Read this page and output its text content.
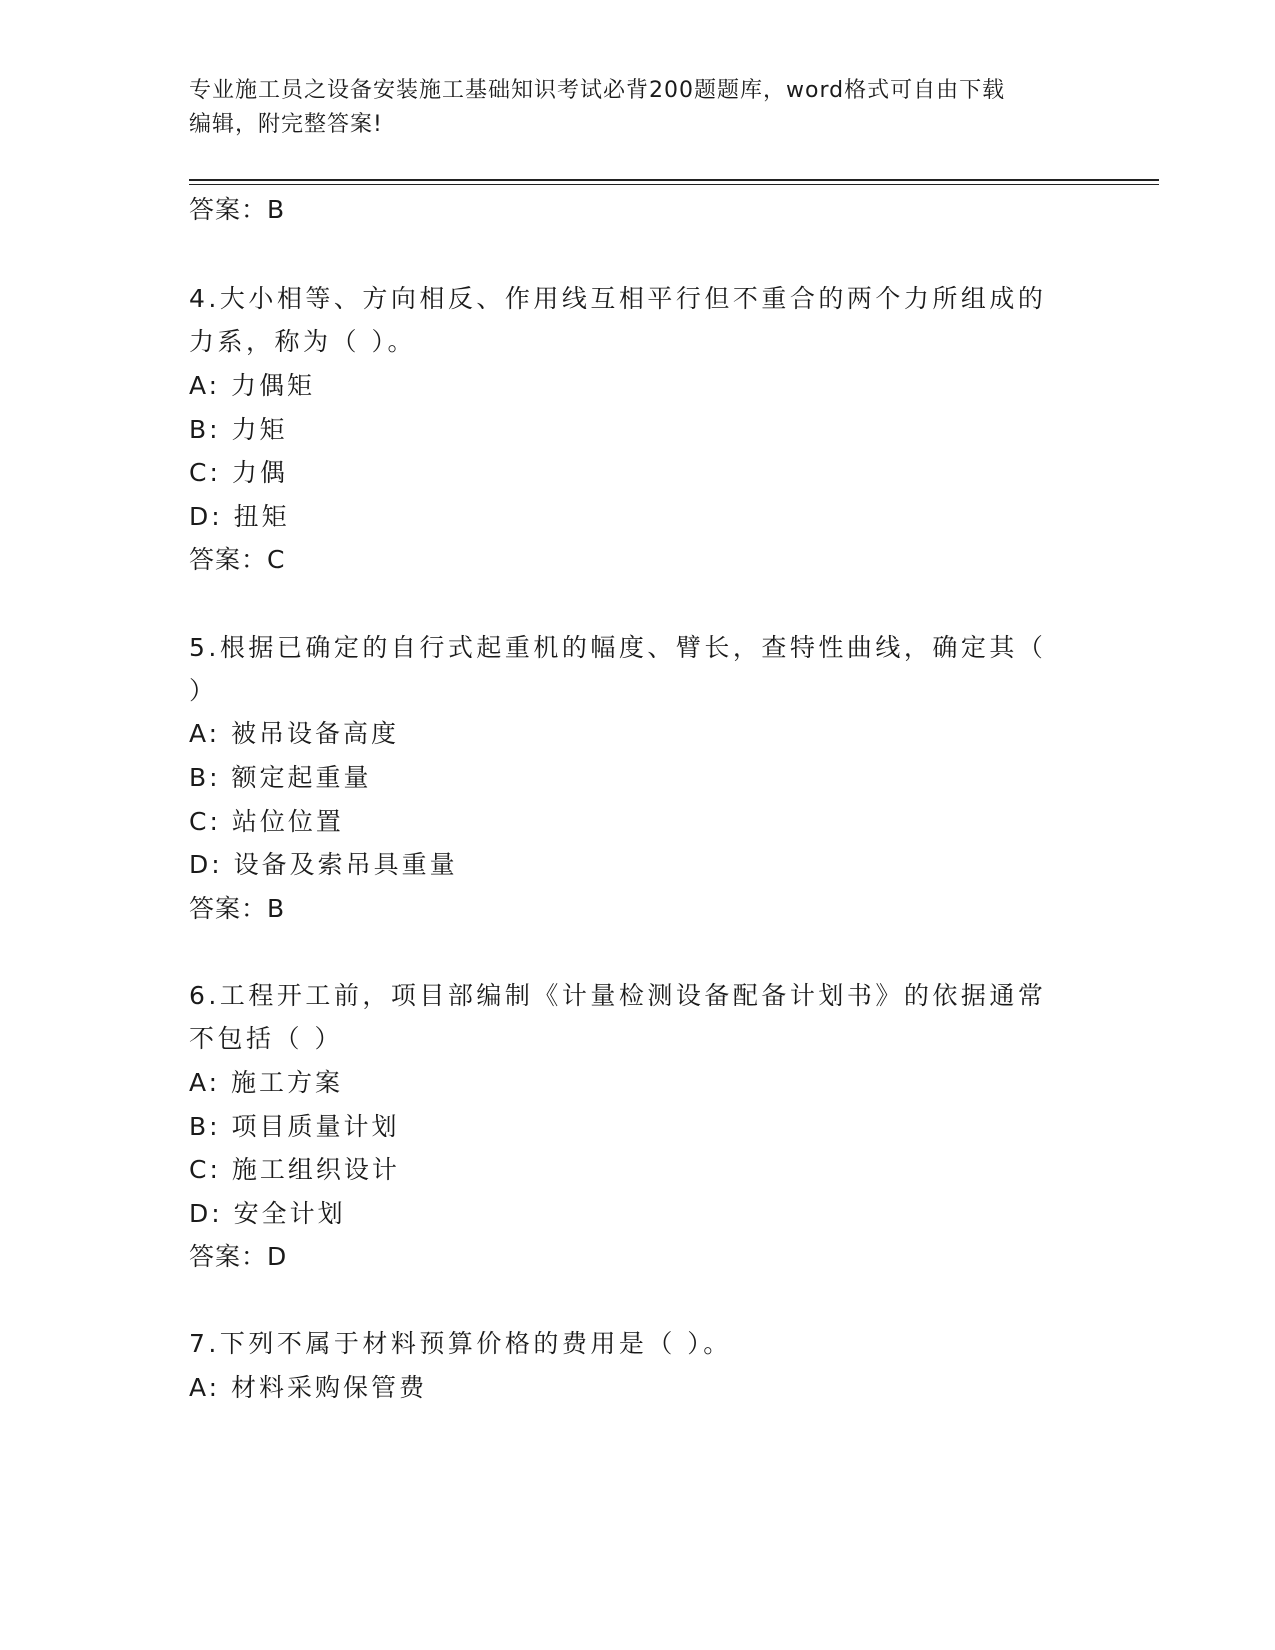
专业施工员之设备安装施工基础知识考试必背200题题库，word格式可自由下载
编辑，附完整答案!
答案：B
4.大小相等、方向相反、作用线互相平行但不重合的两个力所组成的
力系，称为（ ）。
A: 力偶矩
B: 力矩
C: 力偶
D: 扭矩
答案：C
5.根据已确定的自行式起重机的幅度、臂长，查特性曲线，确定其（
）
A: 被吊设备高度
B: 额定起重量
C: 站位位置
D: 设备及索吊具重量
答案：B
6.工程开工前，项目部编制《计量检测设备配备计划书》的依据通常
不包括（ ）
A: 施工方案
B: 项目质量计划
C: 施工组织设计
D: 安全计划
答案：D
7.下列不属于材料预算价格的费用是（ ）。
A: 材料采购保管费
